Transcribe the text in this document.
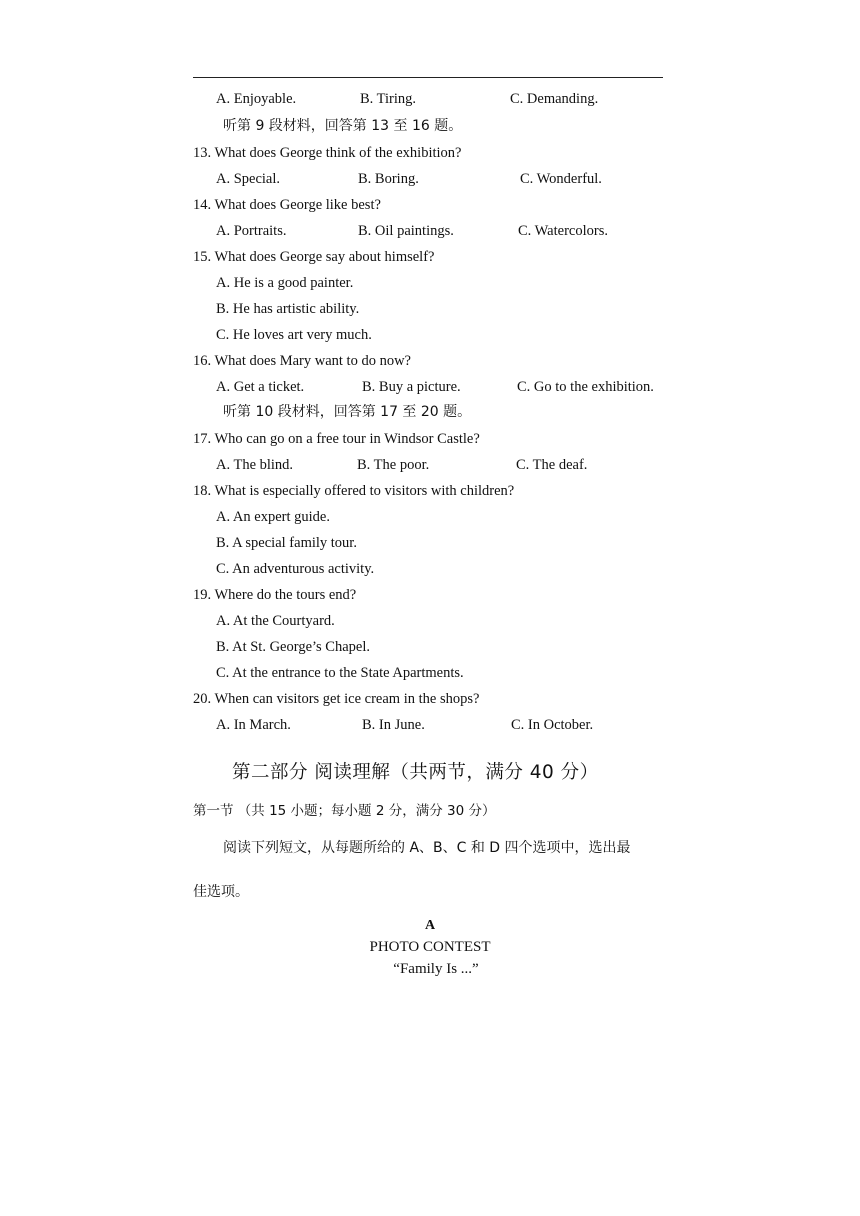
A. Enjoyable.	B. Tiring.	C. Demanding.
听第 9 段材料，回答第 13 至 16 题。
13. What does George think of the exhibition?
A. Special.	B. Boring.	C. Wonderful.
14. What does George like best?
A. Portraits.	B. Oil paintings.	C. Watercolors.
15. What does George say about himself?
A. He is a good painter.
B. He has artistic ability.
C. He loves art very much.
16. What does Mary want to do now?
A. Get a ticket.	B. Buy a picture.	C. Go to the exhibition.
听第 10 段材料，回答第 17 至 20 题。
17. Who can go on a free tour in Windsor Castle?
A. The blind.	B. The poor.	C. The deaf.
18. What is especially offered to visitors with children?
A. An expert guide.
B. A special family tour.
C. An adventurous activity.
19. Where do the tours end?
A. At the Courtyard.
B. At St. George’s Chapel.
C. At the entrance to the State Apartments.
20. When can visitors get ice cream in the shops?
A. In March.	B. In June.	C. In October.
第二部分 阅读理解（共两节，满分 40 分）
第一节 （共 15 小题；每小题 2 分，满分 30 分）
阅读下列短文，从每题所给的 A、B、C 和 D 四个选项中，选出最
佳选项。
A
PHOTO CONTEST
“Family Is ...”
